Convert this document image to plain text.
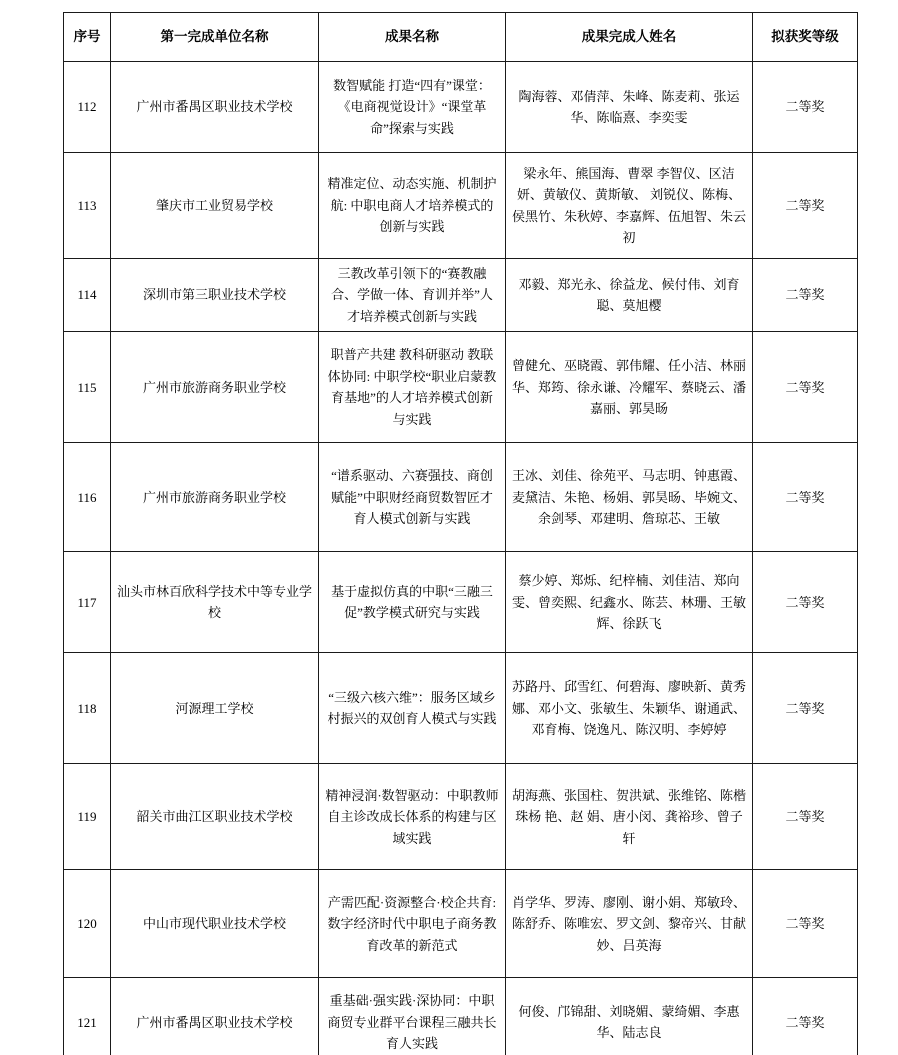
序号	第一完成单位名称	成果名称	成果完成人姓名	拟获奖等级
112	广州市番禺区职业技术学校	数智赋能 打造“四有”课堂：《电商视觉设计》“课堂革命”探索与实践	陶海蓉、邓倩萍、朱峰、陈麦莉、张运华、陈临熹、李奕雯	二等奖
113	肇庆市工业贸易学校	精准定位、动态实施、机制护航: 中职电商人才培养模式的创新与实践	梁永年、熊国海、曹翠 李智仪、区洁妍、黄敏仪、黄斯敏、 刘锐仪、陈梅、侯黑竹、朱秋婷、李嘉辉、伍旭智、朱云初	二等奖
114	深圳市第三职业技术学校	三教改革引领下的“赛教融合、学做一体、育训并举”人才培养模式创新与实践	邓毅、郑光永、徐益龙、候付伟、刘育聪、莫旭樱	二等奖
115	广州市旅游商务职业学校	职普产共建 教科研驱动 教联体协同: 中职学校“职业启蒙教育基地”的人才培养模式创新与实践	曾健允、巫晓霞、郭伟耀、任小洁、林丽华、郑筠、徐永谦、冷耀军、蔡晓云、潘嘉丽、郭昊旸	二等奖
116	广州市旅游商务职业学校	“谱系驱动、六赛强技、商创赋能”中职财经商贸数智匠才育人模式创新与实践	王冰、刘佳、徐苑平、马志明、钟惠霞、麦黛洁、朱艳、杨娟、郭昊旸、毕婉文、余剑琴、邓建明、詹琼芯、王敏	二等奖
117	汕头市林百欣科学技术中等专业学校	基于虚拟仿真的中职“三融三促”教学模式研究与实践	蔡少婷、郑烁、纪梓楠、刘佳洁、郑向雯、曾奕熙、纪鑫水、陈芸、林珊、王敏辉、徐跃飞	二等奖
118	河源理工学校	“三级六核六维”：服务区域乡村振兴的双创育人模式与实践	苏路丹、邱雪红、何碧海、廖映新、黄秀娜、邓小文、张敏生、朱颖华、谢通武、邓育梅、饶逸凡、陈汉明、李婷婷	二等奖
119	韶关市曲江区职业技术学校	精神浸润·数智驱动：中职教师自主诊改成长体系的构建与区域实践	胡海燕、张国柱、贺洪斌、张维铭、陈楷珠杨 艳、赵 娟、唐小闵、龚裕珍、曾子轩	二等奖
120	中山市现代职业技术学校	产需匹配·资源整合·校企共育: 数字经济时代中职电子商务教育改革的新范式	肖学华、罗涛、廖刚、谢小娟、郑敏玲、陈舒乔、陈唯宏、罗文剑、黎帝兴、甘献妙、吕英海	二等奖
121	广州市番禺区职业技术学校	重基础·强实践·深协同：中职商贸专业群平台课程三融共长育人实践	何俊、邝锦甜、刘晓媚、蒙绮媚、李惠华、陆志良	二等奖
